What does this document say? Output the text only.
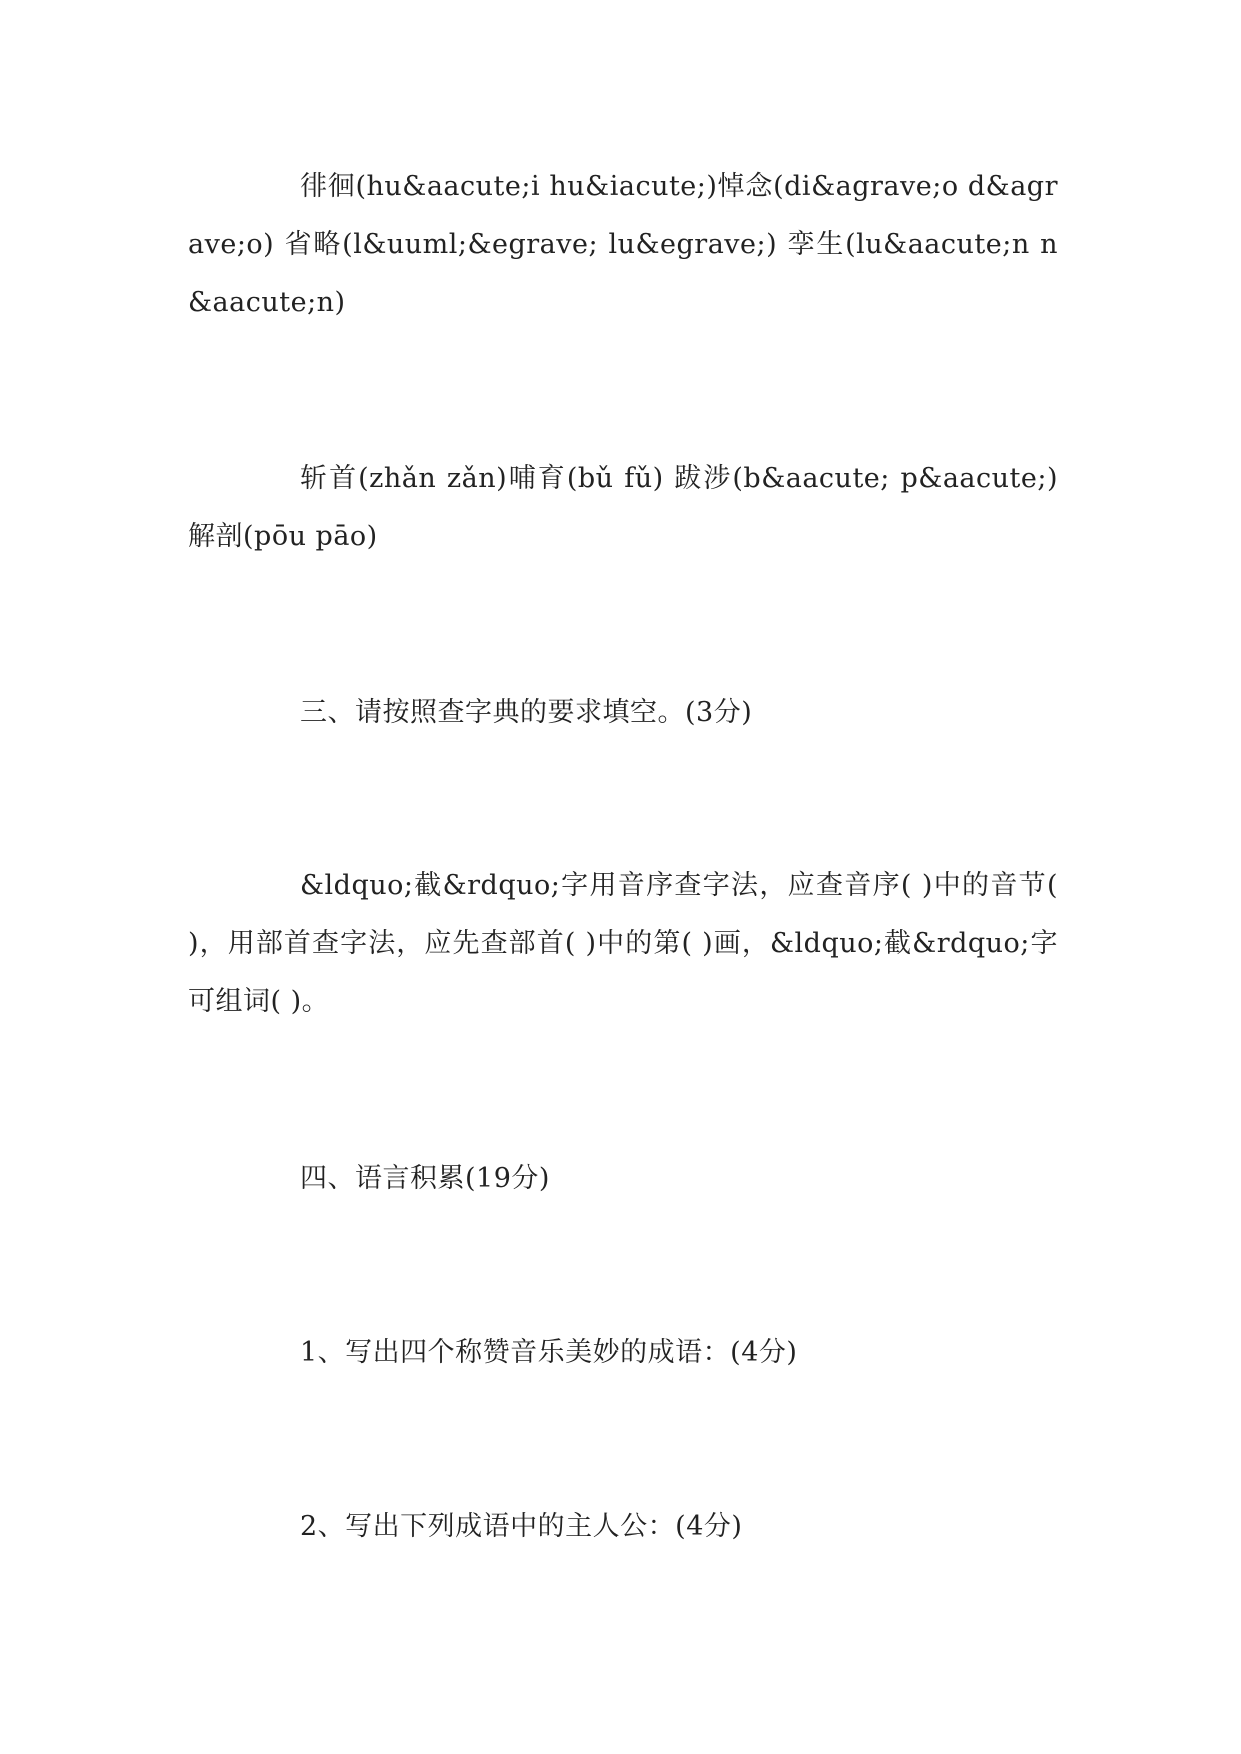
徘徊(hu&aacute;i hu&iacute;)悼念(di&agrave;o d&agrave;o) 省略(l&uuml;&egrave; lu&egrave;) 孪生(lu&aacute;n n&aacute;n)

斩首(zhǎn zǎn)哺育(bǔ fǔ) 跋涉(b&aacute; p&aacute;) 解剖(pōu pāo)

三、请按照查字典的要求填空。(3分)

&ldquo;截&rdquo;字用音序查字法，应查音序( )中的音节( )，用部首查字法，应先查部首( )中的第( )画，&ldquo;截&rdquo;字可组词( )。

四、语言积累(19分)

1、写出四个称赞音乐美妙的成语：(4分)

2、写出下列成语中的主人公：(4分)
